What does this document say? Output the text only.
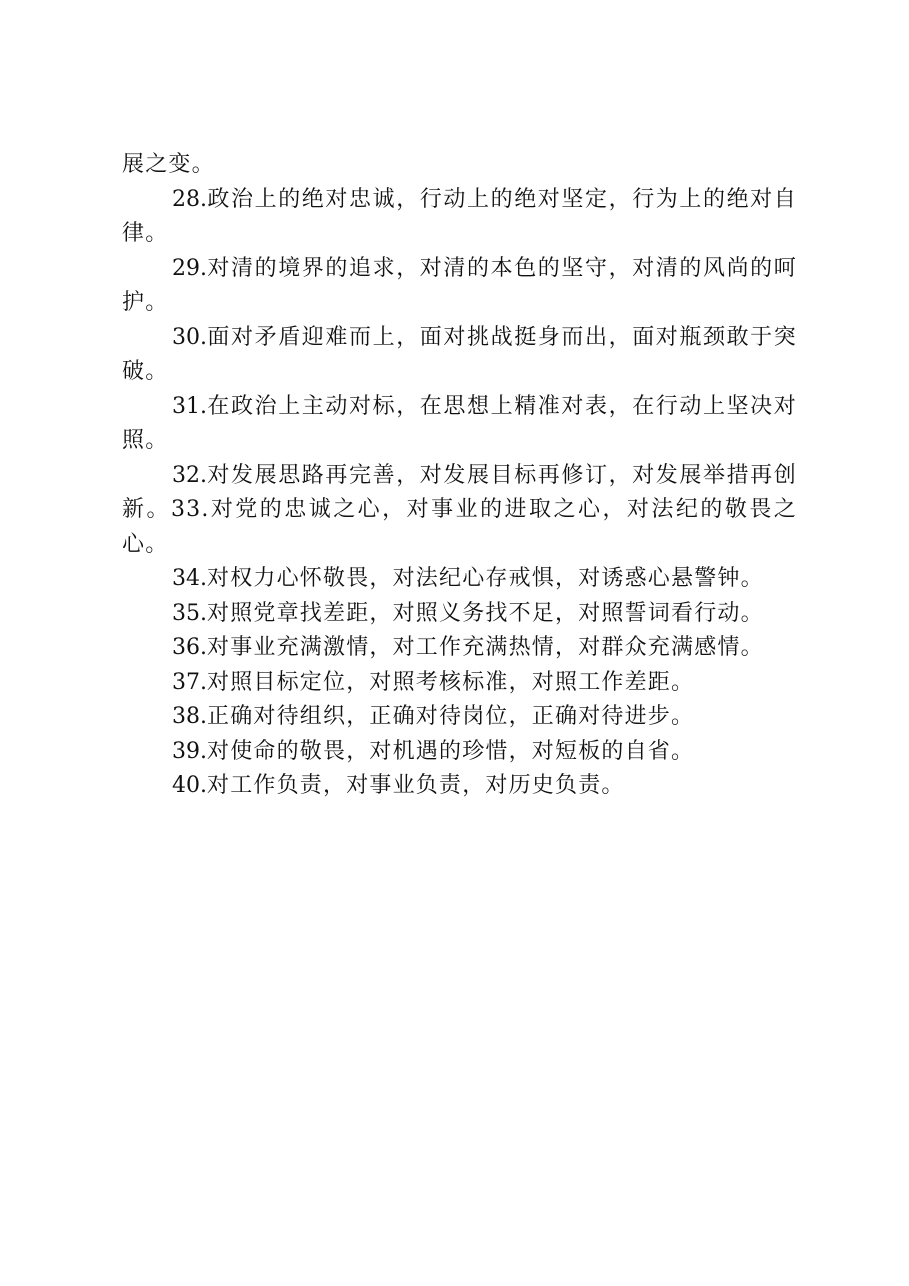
展之变。

28.政治上的绝对忠诚，行动上的绝对坚定，行为上的绝对自律。

29.对清的境界的追求，对清的本色的坚守，对清的风尚的呵护。

30.面对矛盾迎难而上，面对挑战挺身而出，面对瓶颈敢于突破。

31.在政治上主动对标，在思想上精准对表，在行动上坚决对照。

32.对发展思路再完善，对发展目标再修订，对发展举措再创新。33.对党的忠诚之心，对事业的进取之心，对法纪的敬畏之心。

34.对权力心怀敬畏，对法纪心存戒惧，对诱惑心悬警钟。

35.对照党章找差距，对照义务找不足，对照誓词看行动。

36.对事业充满激情，对工作充满热情，对群众充满感情。

37.对照目标定位，对照考核标准，对照工作差距。

38.正确对待组织，正确对待岗位，正确对待进步。

39.对使命的敬畏，对机遇的珍惜，对短板的自省。

40.对工作负责，对事业负责，对历史负责。
